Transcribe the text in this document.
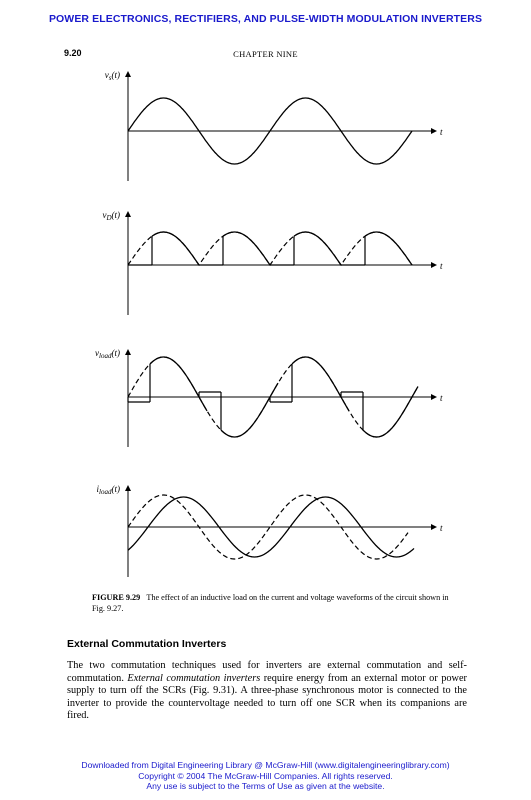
POWER ELECTRONICS, RECTIFIERS, AND PULSE-WIDTH MODULATION INVERTERS
9.20	CHAPTER NINE
$v_s(t)$
t
$v_D(t)$
t
$v_{load}(t)$
t
$i_{load}(t)$
t
FIGURE 9.29 The effect of an inductive load on the current and voltage waveforms of the circuit shown in Fig. 9.27.
External Commutation Inverters
The two commutation techniques used for inverters are external commutation and self-commutation. External commutation inverters require energy from an external motor or power supply to turn off the SCRs (Fig. 9.31). A three-phase synchronous motor is connected to the inverter to provide the countervoltage needed to turn off one SCR when its companions are fired.
Downloaded from Digital Engineering Library @ McGraw-Hill (www.digitalengineeringlibrary.com)
Copyright © 2004 The McGraw-Hill Companies. All rights reserved.
Any use is subject to the Terms of Use as given at the website.
